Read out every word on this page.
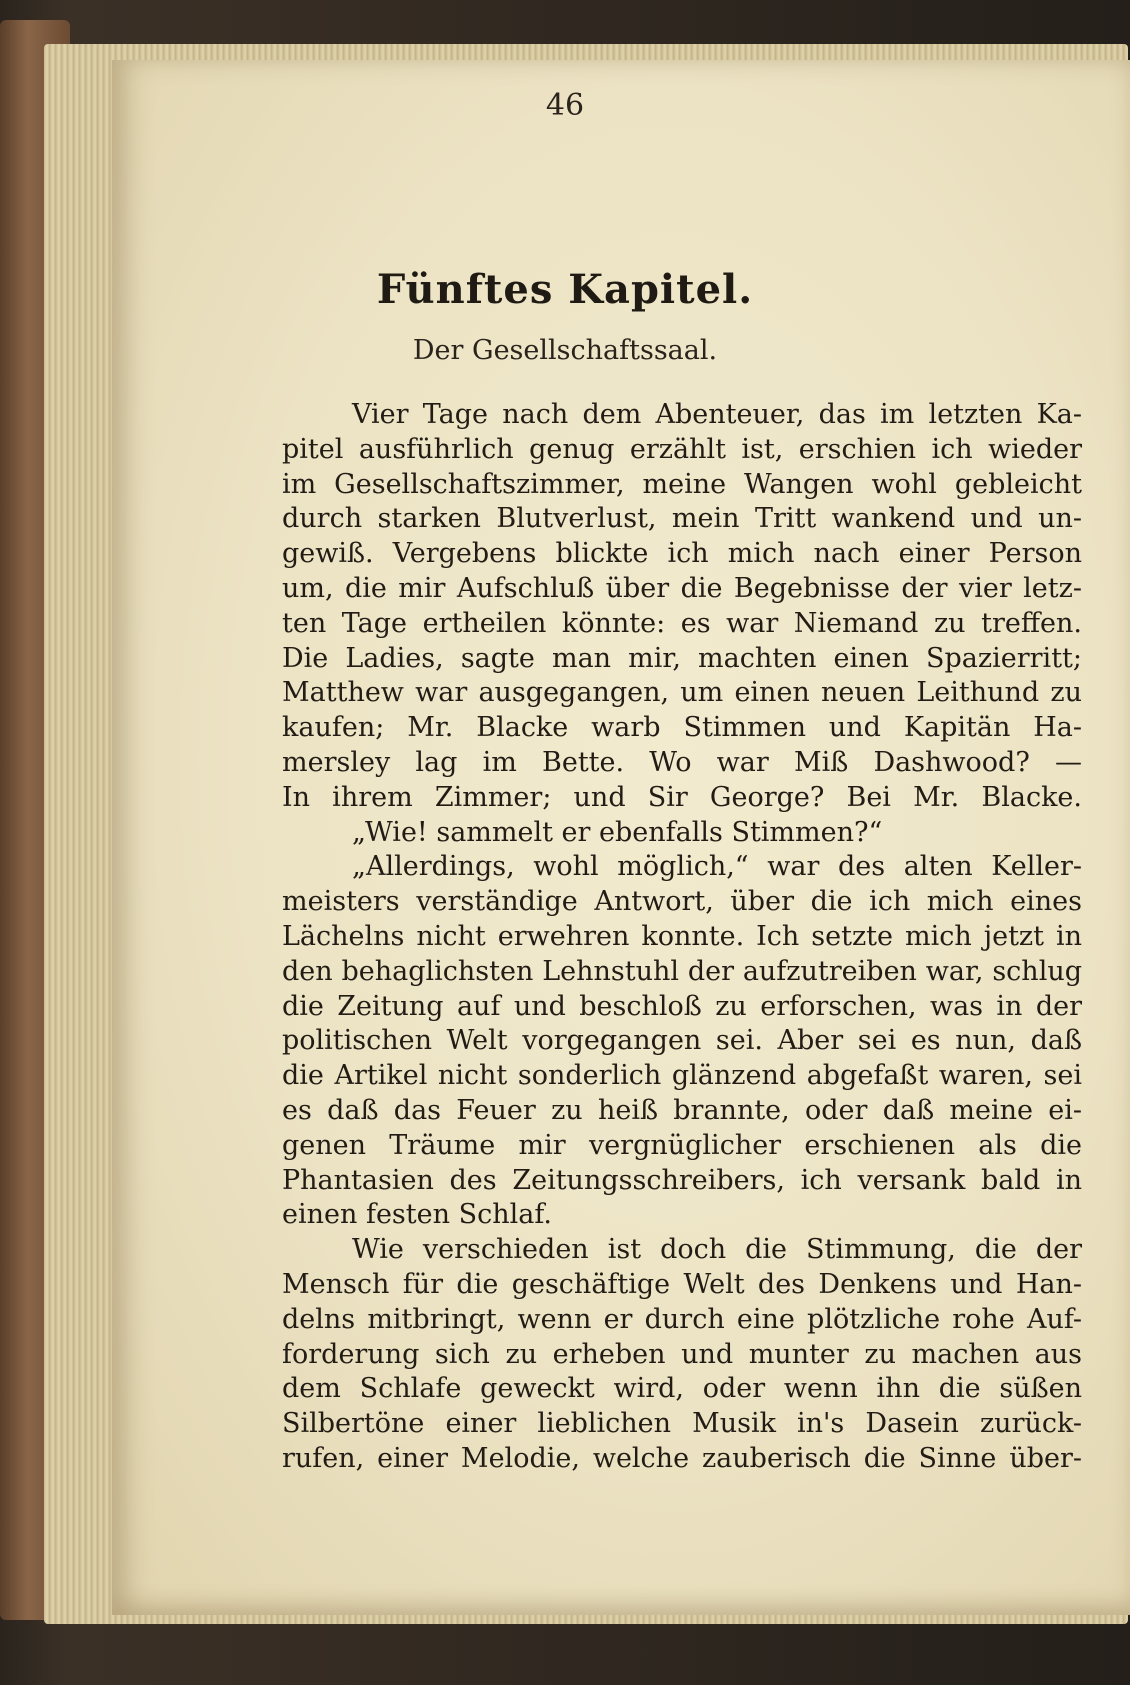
46
Fünftes Kapitel.
Der Gesellschaftssaal.
Vier Tage nach dem Abenteuer, das im letzten Ka-
pitel ausführlich genug erzählt ist, erschien ich wieder
im Gesellschaftszimmer, meine Wangen wohl gebleicht
durch starken Blutverlust, mein Tritt wankend und un-
gewiß. Vergebens blickte ich mich nach einer Person
um, die mir Aufschluß über die Begebnisse der vier letz-
ten Tage ertheilen könnte: es war Niemand zu treffen.
Die Ladies, sagte man mir, machten einen Spazierritt;
Matthew war ausgegangen, um einen neuen Leithund zu
kaufen; Mr. Blacke warb Stimmen und Kapitän Ha-
mersley lag im Bette. Wo war Miß Dashwood? —
In ihrem Zimmer; und Sir George? Bei Mr. Blacke.
„Wie! sammelt er ebenfalls Stimmen?“
„Allerdings, wohl möglich,“ war des alten Keller-
meisters verständige Antwort, über die ich mich eines
Lächelns nicht erwehren konnte. Ich setzte mich jetzt in
den behaglichsten Lehnstuhl der aufzutreiben war, schlug
die Zeitung auf und beschloß zu erforschen, was in der
politischen Welt vorgegangen sei. Aber sei es nun, daß
die Artikel nicht sonderlich glänzend abgefaßt waren, sei
es daß das Feuer zu heiß brannte, oder daß meine ei-
genen Träume mir vergnüglicher erschienen als die
Phantasien des Zeitungsschreibers, ich versank bald in
einen festen Schlaf.
Wie verschieden ist doch die Stimmung, die der
Mensch für die geschäftige Welt des Denkens und Han-
delns mitbringt, wenn er durch eine plötzliche rohe Auf-
forderung sich zu erheben und munter zu machen aus
dem Schlafe geweckt wird, oder wenn ihn die süßen
Silbertöne einer lieblichen Musik in's Dasein zurück-
rufen, einer Melodie, welche zauberisch die Sinne über-
